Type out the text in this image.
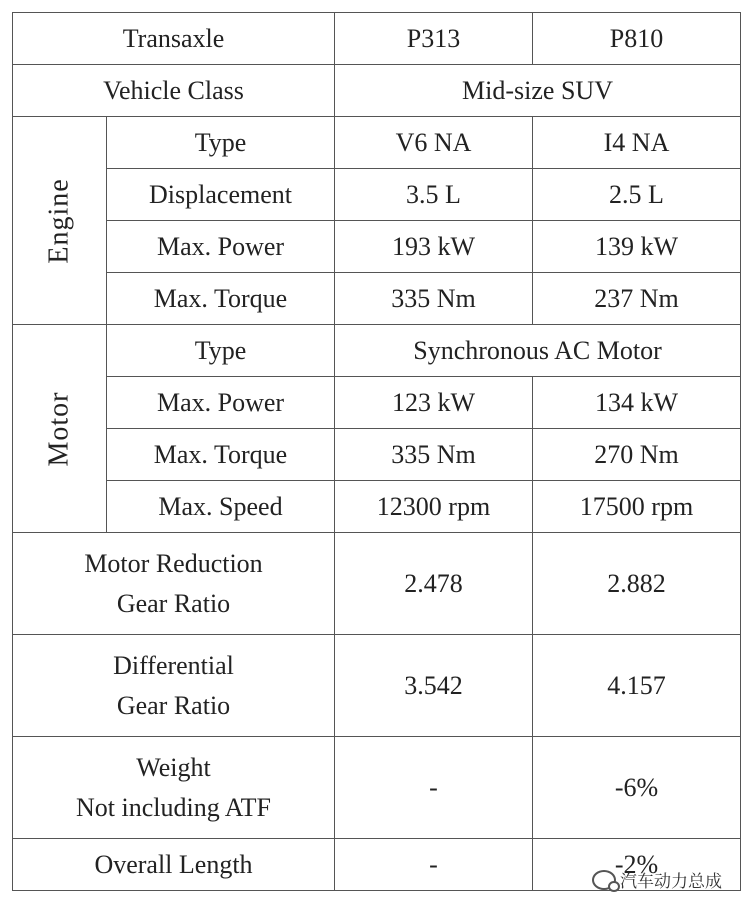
Transaxle		P313	P810
Vehicle Class		Mid-size SUV	
Engine	Type	V6 NA	I4 NA
	Displacement	3.5 L	2.5 L
	Max. Power	193 kW	139 kW
	Max. Torque	335 Nm	237 Nm
Motor	Type	Synchronous AC Motor	
	Max. Power	123 kW	134 kW
	Max. Torque	335 Nm	270 Nm
	Max. Speed	12300 rpm	17500 rpm

Motor Reduction
Gear Ratio		2.478	2.882

Differential
Gear Ratio		3.542	4.157

Weight
Not including ATF		-	-6%
Overall Length		-	-2%
汽车动力总成
